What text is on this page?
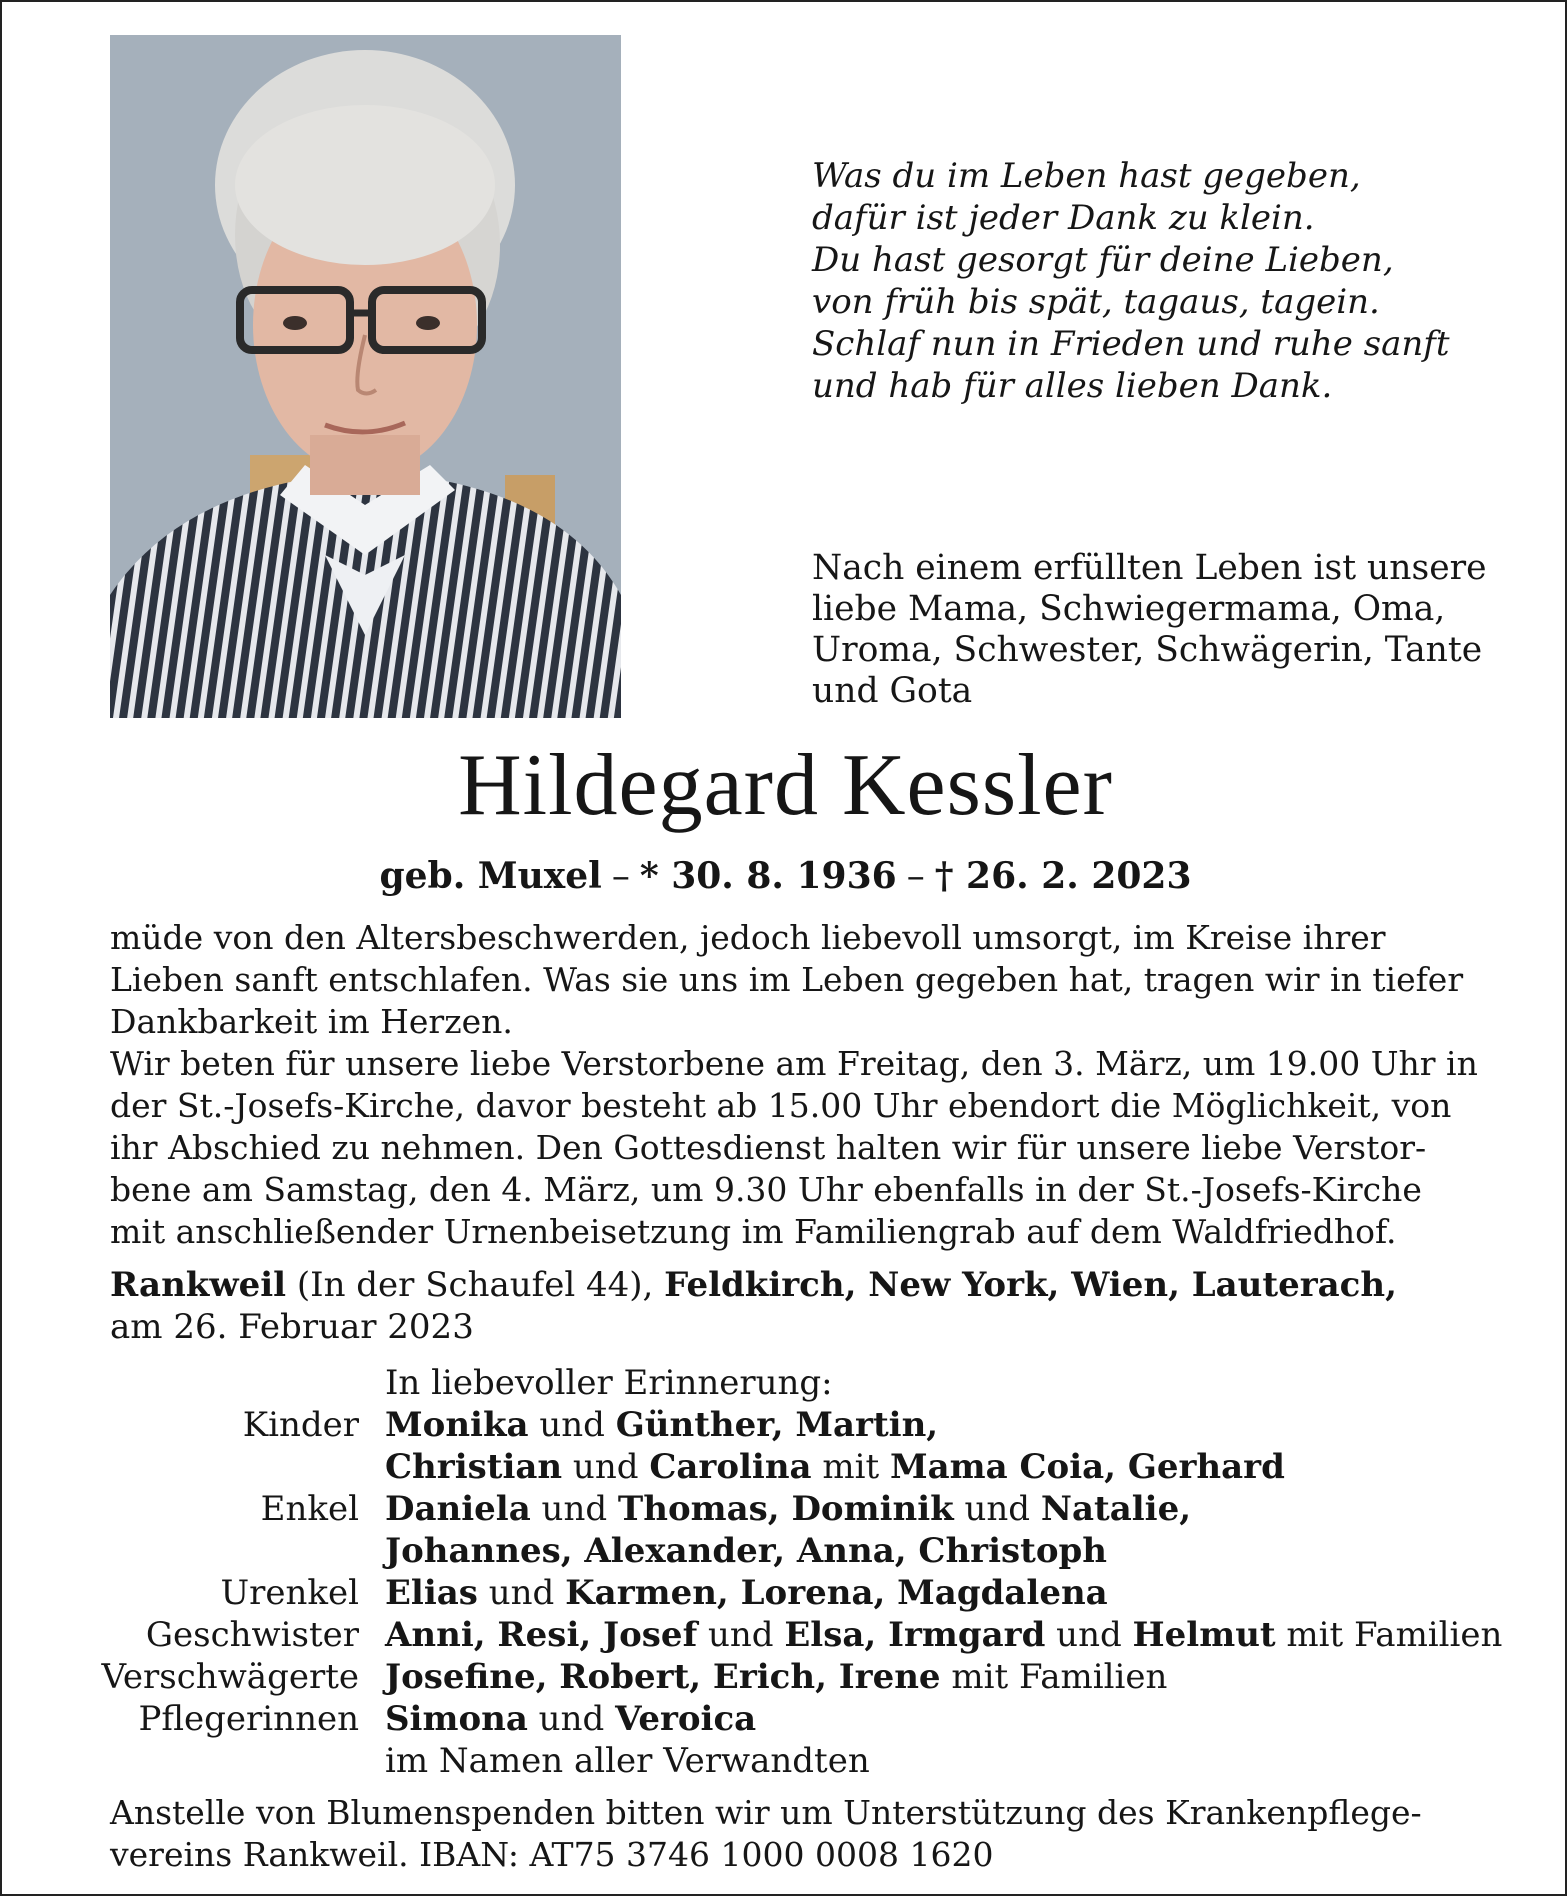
Was du im Leben hast gegeben,
dafür ist jeder Dank zu klein.
Du hast gesorgt für deine Lieben,
von früh bis spät, tagaus, tagein.
Schlaf nun in Frieden und ruhe sanft
und hab für alles lieben Dank.
Nach einem erfüllten Leben ist unsere
liebe Mama, Schwiegermama, Oma,
Uroma, Schwester, Schwägerin, Tante
und Gota
Hildegard Kessler
geb. Muxel – * 30. 8. 1936 – † 26. 2. 2023
müde von den Altersbeschwerden, jedoch liebevoll umsorgt, im Kreise ihrer
Lieben sanft entschlafen. Was sie uns im Leben gegeben hat, tragen wir in tiefer
Dankbarkeit im Herzen.
Wir beten für unsere liebe Verstorbene am Freitag, den 3. März, um 19.00 Uhr in
der St.-Josefs-Kirche, davor besteht ab 15.00 Uhr ebendort die Möglichkeit, von
ihr Abschied zu nehmen. Den Gottesdienst halten wir für unsere liebe Verstor-
bene am Samstag, den 4. März, um 9.30 Uhr ebenfalls in der St.-Josefs-Kirche
mit anschließender Urnenbeisetzung im Familiengrab auf dem Waldfriedhof.
Rankweil (In der Schaufel 44), Feldkirch, New York, Wien, Lauterach,
am 26. Februar 2023
In liebevoller Erinnerung:
Kinder Monika und Günther, Martin,
Christian und Carolina mit Mama Coia, Gerhard
Enkel Daniela und Thomas, Dominik und Natalie,
Johannes, Alexander, Anna, Christoph
Urenkel Elias und Karmen, Lorena, Magdalena
Geschwister Anni, Resi, Josef und Elsa, Irmgard und Helmut mit Familien
Verschwägerte Josefine, Robert, Erich, Irene mit Familien
Pflegerinnen Simona und Veroica
im Namen aller Verwandten
Anstelle von Blumenspenden bitten wir um Unterstützung des Krankenpflege-
vereins Rankweil. IBAN: AT75 3746 1000 0008 1620
